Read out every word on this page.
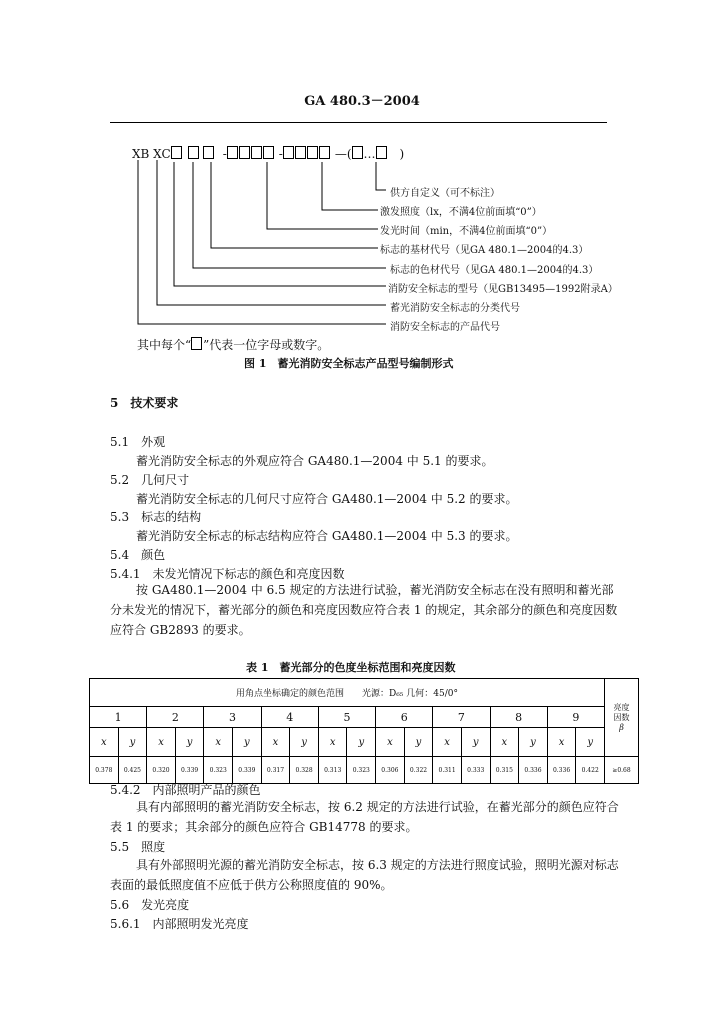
GA 480.3－2004
XB XC	-	-	—( … )
供方自定义（可不标注）
激发照度（lx，不满4位前面填“0”）
发光时间（min，不满4位前面填“0”）
标志的基材代号（见GA 480.1—2004的4.3）
标志的色材代号（见GA 480.1—2004的4.3）
消防安全标志的型号（见GB13495—1992附录A）
蓄光消防安全标志的分类代号
消防安全标志的产品代号
其中每个“ ”代表一位字母或数字。
图 1　蓄光消防安全标志产品型号编制形式
5　技术要求
5.1　外观
蓄光消防安全标志的外观应符合 GA480.1—2004 中 5.1 的要求。
5.2　几何尺寸
蓄光消防安全标志的几何尺寸应符合 GA480.1—2004 中 5.2 的要求。
5.3　标志的结构
蓄光消防安全标志的标志结构应符合 GA480.1—2004 中 5.3 的要求。
5.4　颜色
5.4.1　未发光情况下标志的颜色和亮度因数
按 GA480.1—2004 中 6.5 规定的方法进行试验，蓄光消防安全标志在没有照明和蓄光部分未发光的情况下，蓄光部分的颜色和亮度因数应符合表 1 的规定，其余部分的颜色和亮度因数应符合 GB2893 的要求。
表 1　蓄光部分的色度坐标范围和亮度因数
用角点坐标确定的颜色范围　　光源：D₆₅ 几何：45/0°																		亮度
因数
β
1		2		3		4		5		6		7		8		9		
x	y	x	y	x	y	x	y	x	y	x	y	x	y	x	y	x	y	
0.378	0.425	0.320	0.339	0.323	0.339	0.317	0.328	0.313	0.323	0.306	0.322	0.311	0.333	0.315	0.336	0.336	0.422	≥0.68
5.4.2　内部照明产品的颜色
具有内部照明的蓄光消防安全标志，按 6.2 规定的方法进行试验，在蓄光部分的颜色应符合表 1 的要求；其余部分的颜色应符合 GB14778 的要求。
5.5　照度
具有外部照明光源的蓄光消防安全标志，按 6.3 规定的方法进行照度试验，照明光源对标志表面的最低照度值不应低于供方公称照度值的 90%。
5.6　发光亮度
5.6.1　内部照明发光亮度
